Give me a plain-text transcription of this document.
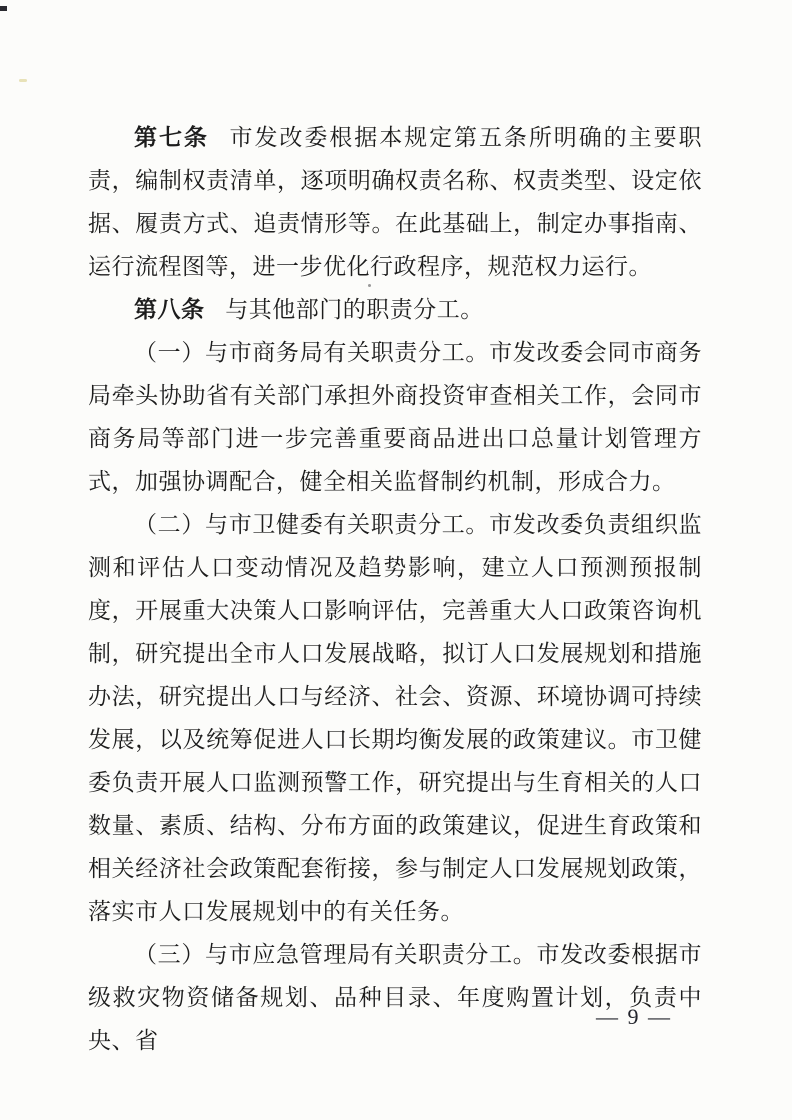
第七条 市发改委根据本规定第五条所明确的主要职责，编制权责清单，逐项明确权责名称、权责类型、设定依据、履责方式、追责情形等。在此基础上，制定办事指南、运行流程图等，进一步优化行政程序，规范权力运行。

第八条 与其他部门的职责分工。

（一）与市商务局有关职责分工。市发改委会同市商务局牵头协助省有关部门承担外商投资审查相关工作，会同市商务局等部门进一步完善重要商品进出口总量计划管理方式，加强协调配合，健全相关监督制约机制，形成合力。

（二）与市卫健委有关职责分工。市发改委负责组织监测和评估人口变动情况及趋势影响，建立人口预测预报制度，开展重大决策人口影响评估，完善重大人口政策咨询机制，研究提出全市人口发展战略，拟订人口发展规划和措施办法，研究提出人口与经济、社会、资源、环境协调可持续发展，以及统筹促进人口长期均衡发展的政策建议。市卫健委负责开展人口监测预警工作，研究提出与生育相关的人口数量、素质、结构、分布方面的政策建议，促进生育政策和相关经济社会政策配套衔接，参与制定人口发展规划政策，落实市人口发展规划中的有关任务。

（三）与市应急管理局有关职责分工。市发改委根据市级救灾物资储备规划、品种目录、年度购置计划，负责中央、省

— 9 —
